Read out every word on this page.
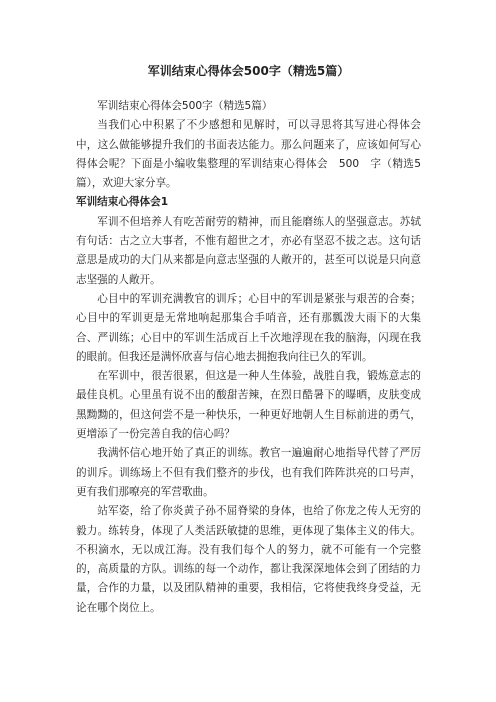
军训结束心得体会500字（精选5篇）

军训结束心得体会500字（精选5篇）

当我们心中积累了不少感想和见解时，可以寻思将其写进心得体会中，这么做能够提升我们的书面表达能力。那么问题来了，应该如何写心得体会呢？下面是小编收集整理的军训结束心得体会　500　字（精选5篇），欢迎大家分享。

军训结束心得体会1

军训不但培养人有吃苦耐劳的精神，而且能磨练人的坚强意志。苏轼有句话：古之立大事者，不惟有超世之才，亦必有坚忍不拔之志。这句话意思是成功的大门从来都是向意志坚强的人敞开的，甚至可以说是只向意志坚强的人敞开。

心目中的军训充满教官的训斥；心目中的军训是紧张与艰苦的合奏；心目中的军训更是无常地响起那集合手哨音，还有那瓢泼大雨下的大集合、严训练；心目中的军训生活成百上千次地浮现在我的脑海，闪现在我的眼前。但我还是满怀欣喜与信心地去拥抱我向往已久的军训。

在军训中，很苦很累，但这是一种人生体验，战胜自我，锻炼意志的最佳良机。心里虽有说不出的酸甜苦辣，在烈日酷暑下的曝晒，皮肤变成黑黝黝的，但这何尝不是一种快乐，一种更好地朝人生目标前进的勇气，更增添了一份完善自我的信心吗？

我满怀信心地开始了真正的训练。教官一遍遍耐心地指导代替了严厉的训斥。训练场上不但有我们整齐的步伐，也有我们阵阵洪亮的口号声，更有我们那嘹亮的军营歌曲。

站军姿，给了你炎黄子孙不屈脊梁的身体，也给了你龙之传人无穷的毅力。练转身，体现了人类活跃敏捷的思维，更体现了集体主义的伟大。不积滴水，无以成江海。没有我们每个人的努力，就不可能有一个完整的，高质量的方队。训练的每一个动作，都让我深深地体会到了团结的力量，合作的力量，以及团队精神的重要，我相信，它将使我终身受益，无论在哪个岗位上。
